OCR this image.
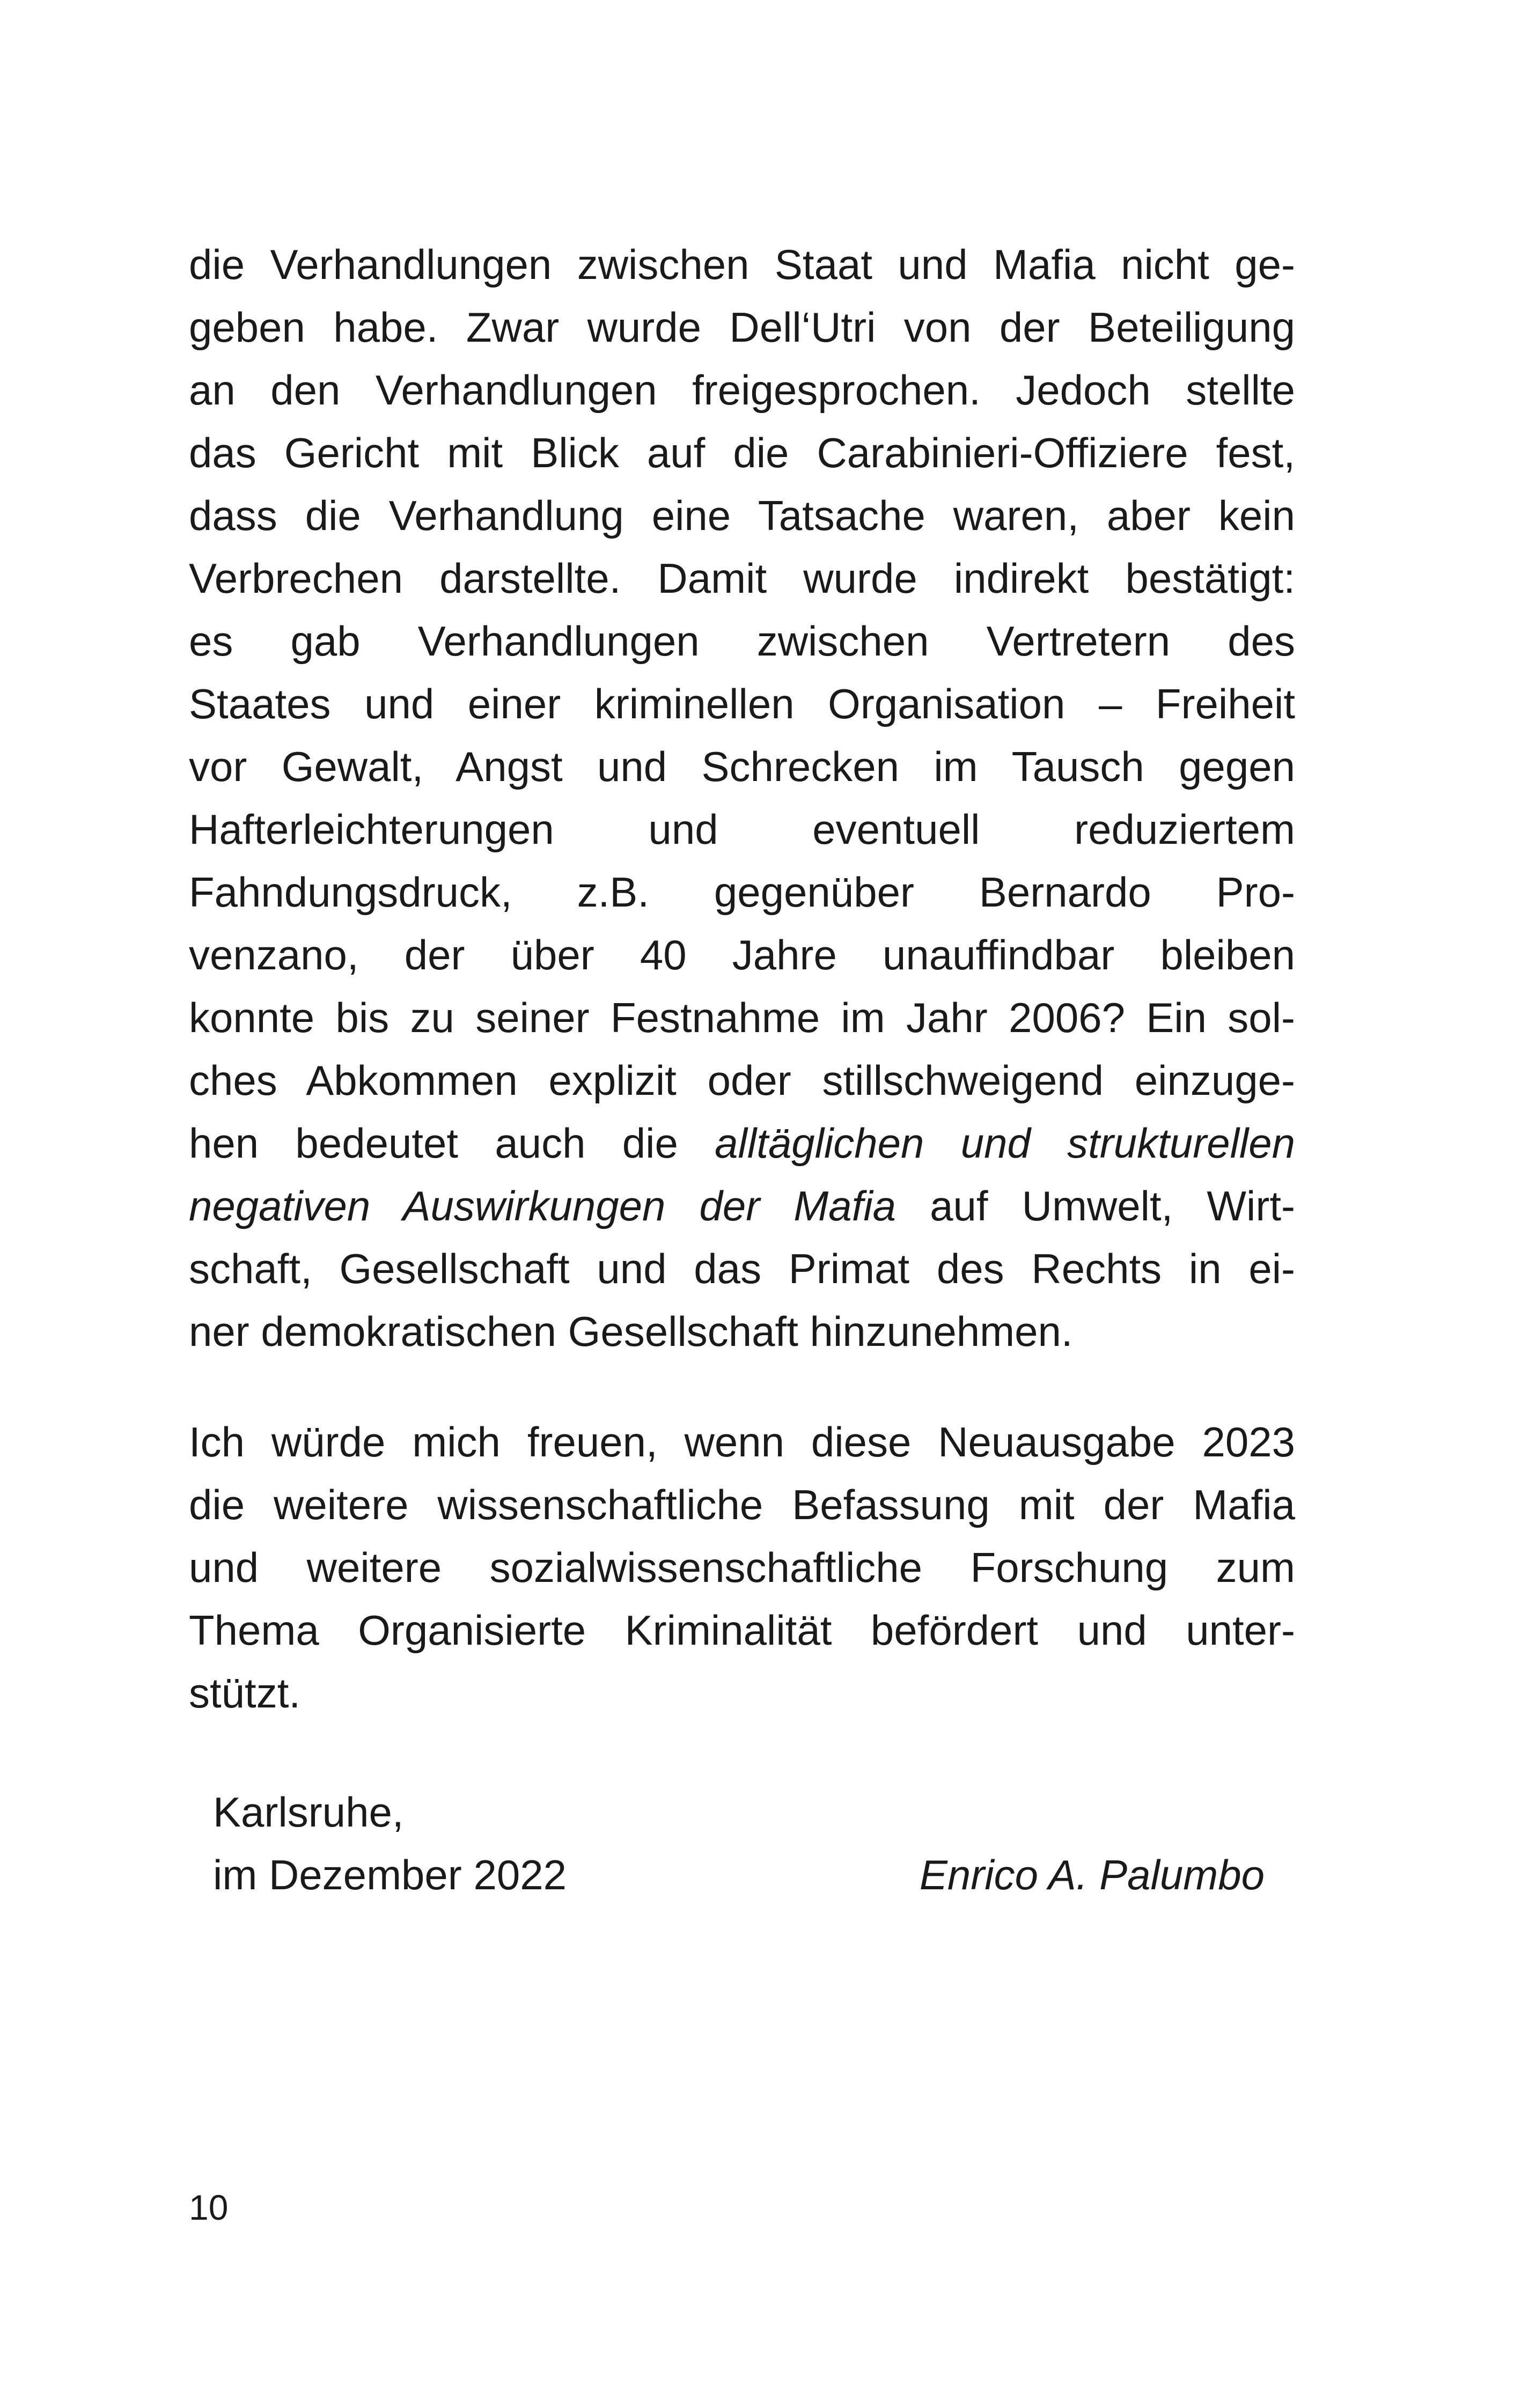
die Verhandlungen zwischen Staat und Mafia nicht ge-
geben habe. Zwar wurde Dell‘Utri von der Beteiligung
an den Verhandlungen freigesprochen. Jedoch stellte
das Gericht mit Blick auf die Carabinieri-Offiziere fest,
dass die Verhandlung eine Tatsache waren, aber kein
Verbrechen darstellte. Damit wurde indirekt bestätigt:
es gab Verhandlungen zwischen Vertretern des
Staates und einer kriminellen Organisation – Freiheit
vor Gewalt, Angst und Schrecken im Tausch gegen
Hafterleichterungen und eventuell reduziertem
Fahndungsdruck, z.B. gegenüber Bernardo Pro-
venzano, der über 40 Jahre unauffindbar bleiben
konnte bis zu seiner Festnahme im Jahr 2006? Ein sol-
ches Abkommen explizit oder stillschweigend einzuge-
hen bedeutet auch die alltäglichen und strukturellen
negativen Auswirkungen der Mafia auf Umwelt, Wirt-
schaft, Gesellschaft und das Primat des Rechts in ei-
ner demokratischen Gesellschaft hinzunehmen.
Ich würde mich freuen, wenn diese Neuausgabe 2023
die weitere wissenschaftliche Befassung mit der Mafia
und weitere sozialwissenschaftliche Forschung zum
Thema Organisierte Kriminalität befördert und unter-
stützt.
Karlsruhe,
im Dezember 2022	Enrico A. Palumbo
10
